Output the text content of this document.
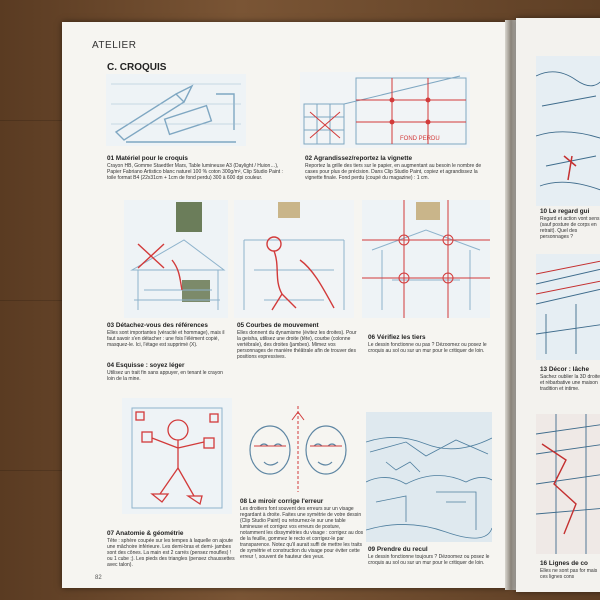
ATELIER
C. CROQUIS
FOND PERDU
01 Matériel pour le croquis
Crayon HB, Gomme Staedtler Mars, Table lumineuse A3 (Daylight / Huion…), Papier Fabriano Artistico blanc naturel 100 % coton 300g/m², Clip Studio Paint : toile format B4 (22x31cm + 1cm de fond perdu) 300 à 600 dpi couleur.
02 Agrandissez/reportez la vignette
Reportez la grille des tiers sur le papier, en augmentant au besoin le nombre de cases pour plus de précision. Dans Clip Studio Paint, copiez et agrandissez la vignette finale. Fond perdu (coupé du magazine) : 1 cm.
03 Détachez-vous des références
Elles sont importantes (véracité et hommage), mais il faut savoir s'en détacher : une fois l'élément copié, masquez-le. Ici, l'étage est supprimé (X).
04 Esquisse : soyez léger
Utilisez un trait fin sans appuyer, en tenant le crayon loin de la mine.
05 Courbes de mouvement
Elles donnent du dynamisme (évitez les droites). Pour la geisha, utilisez une droite (tête), courbe (colonne vertébrale), des droites (jambes). Mimez vos personnages de manière théâtrale afin de trouver des positions expressives.
06 Vérifiez les tiers
Le dessin fonctionne ou pas ? Dézoomez ou posez le croquis au sol ou sur un mur pour le critiquer de loin.
07 Anatomie & géométrie
Tête : sphère coupée sur les tempes à laquelle on ajoute une mâchoire inférieure. Les demi-bras et demi- jambes sont des cônes. La main est 2 carrés (pensez moufles) ! ou 1 cube ;). Les pieds des triangles (pensez chaussettes avec talon).
08 Le miroir corrige l'erreur
Les droitiers font souvent des erreurs sur un visage regardant à droite. Faites une symétrie de votre dessin (Clip Studio Paint) ou retournez-le sur une table lumineuse et corrigez vos erreurs de posture, notamment les dissymétries du visage : corrigez au dos de la feuille, gommez le recto et corrigez-le par transparence. Notez qu'il aurait suffi de mettre les traits de symétrie et construction du visage pour éviter cette erreur !, souvent de hauteur des yeux.
09 Prendre du recul
Le dessin fonctionne toujours ? Dézoomez ou posez le croquis au sol ou sur un mur pour le critiquer de loin.
82
10 Le regard gui
Regard et action vont sens (sauf posture de corps en retrait). Quel des personnages ?
13 Décor : lâche
Sachez oublier la 3D droite et rébarbative une maison tradition et intime.
16 Lignes de co
Elles ne sont pas for mais ces lignes cons
